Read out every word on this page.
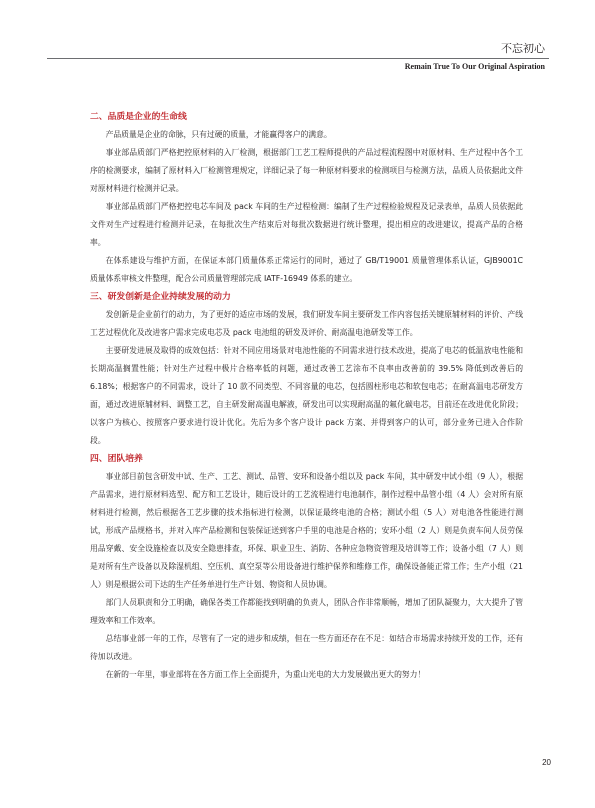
不忘初心
Remain True To Our Original Aspiration
二、品质是企业的生命线

产品质量是企业的命脉，只有过硬的质量，才能赢得客户的满意。

事业部品质部门严格把控原材料的入厂检测，根据部门工艺工程师提供的产品过程流程图中对原材料、生产过程中各个工序的检测要求，编制了原材料入厂检测管理规定，详细记录了每一种原材料要求的检测项目与检测方法，品质人员依据此文件对原材料进行检测并记录。

事业部品质部门严格把控电芯车间及 pack 车间的生产过程检测：编制了生产过程检验规程及记录表单，品质人员依据此文件对生产过程进行检测并记录，在每批次生产结束后对每批次数据进行统计整理，提出相应的改进建议，提高产品的合格率。

在体系建设与维护方面，在保证本部门质量体系正常运行的同时，通过了 GB/T19001 质量管理体系认证，GJB9001C 质量体系审核文件整理，配合公司质量管理部完成 IATF-16949 体系的建立。

三、研发创新是企业持续发展的动力

发创新是企业前行的动力，为了更好的适应市场的发展，我们研发车间主要研发工作内容包括关键原辅材料的评价、产线工艺过程优化及改进客户需求完成电芯及 pack 电池组的研发及评价、耐高温电池研发等工作。

主要研发进展及取得的成效包括：针对不同应用场景对电池性能的不同需求进行技术改进，提高了电芯的低温放电性能和长期高温搁置性能；针对生产过程中极片合格率低的问题，通过改善工艺涂布不良率由改善前的 39.5% 降低到改善后的 6.18%；根据客户的不同需求，设计了 10 款不同类型、不同容量的电芯，包括圆柱形电芯和软包电芯；在耐高温电芯研发方面，通过改进原辅材料、调整工艺，自主研发耐高温电解液，研发出可以实现耐高温的氟化碳电芯，目前还在改进优化阶段；以客户为核心、按照客户要求进行设计优化。先后为多个客户设计 pack 方案、并得到客户的认可，部分业务已进入合作阶段。

四、团队培养

事业部目前包含研发中试、生产、工艺、测试、品管、安环和设备小组以及 pack 车间，其中研发中试小组（9 人），根据产品需求，进行原材料选型、配方和工艺设计，随后设计的工艺流程进行电池制作，制作过程中品管小组（4 人）会对所有原材料进行检测，然后根据各工艺步骤的技术指标进行检测，以保证最终电池的合格；测试小组（5 人）对电池各性能进行测试，形成产品规格书，并对入库产品检测和包装保证送到客户手里的电池是合格的；安环小组（2 人）则是负责车间人员劳保用品穿戴、安全设施检查以及安全隐患排查，环保、职业卫生、消防、各种应急物资管理及培训等工作；设备小组（7 人）则是对所有生产设备以及除湿机组、空压机、真空泵等公用设备进行维护保养和维修工作，确保设备能正常工作；生产小组（21 人）则是根据公司下达的生产任务单进行生产计划、物资和人员协调。

部门人员职责和分工明确，确保各类工作都能找到明确的负责人，团队合作非常顺畅，增加了团队凝聚力，大大提升了管理效率和工作效率。

总结事业部一年的工作，尽管有了一定的进步和成绩，但在一些方面还存在不足：如结合市场需求持续开发的工作，还有待加以改进。

在新的一年里，事业部将在各方面工作上全面提升，为重山光电的大力发展做出更大的努力！

20
